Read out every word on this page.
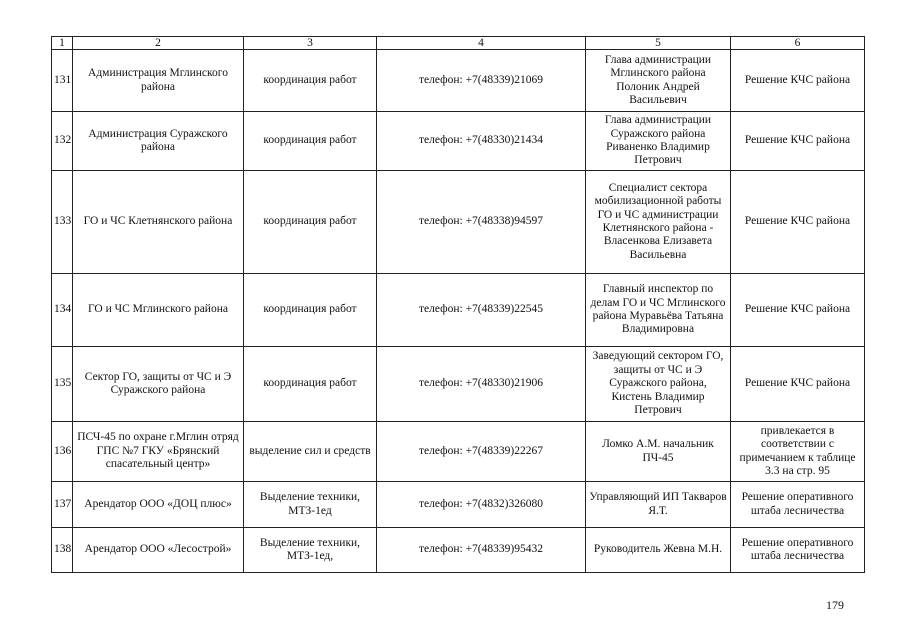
1	2	3	4	5	6
131	Администрация Мглинского района	координация работ	телефон: +7(48339)21069	Глава администрации Мглинского района Полоник Андрей Васильевич	Решение КЧС района
132	Администрация Суражского района	координация работ	телефон: +7(48330)21434	Глава администрации Суражского района Риваненко Владимир Петрович	Решение КЧС района
133	ГО и ЧС Клетнянского района	координация работ	телефон: +7(48338)94597	Специалист сектора мобилизационной работы ГО и ЧС администрации Клетнянского района - Власенкова Елизавета Васильевна	Решение КЧС района
134	ГО и ЧС Мглинского района	координация работ	телефон: +7(48339)22545	Главный инспектор по делам ГО и ЧС Мглинского района Муравьёва Татьяна Владимировна	Решение КЧС района
135	Сектор ГО, защиты от ЧС и Э Суражского района	координация работ	телефон: +7(48330)21906	Заведующий сектором ГО, защиты от ЧС и Э Суражского района, Кистень Владимир Петрович	Решение КЧС района
136	ПСЧ-45 по охране г.Мглин отряд ГПС №7 ГКУ «Брянский спасательный центр»	выделение сил и средств	телефон: +7(48339)22267	Ломко А.М. начальник ПЧ-45	привлекается в соответствии с примечанием к таблице 3.3 на стр. 95
137	Арендатор ООО «ДОЦ плюс»	Выделение техники, МТЗ-1ед	телефон: +7(4832)326080	Управляющий ИП Такваров Я.Т.	Решение оперативного штаба лесничества
138	Арендатор ООО «Лесострой»	Выделение техники, МТЗ-1ед,	телефон: +7(48339)95432	Руководитель Жевна М.Н.	Решение оперативного штаба лесничества
179
